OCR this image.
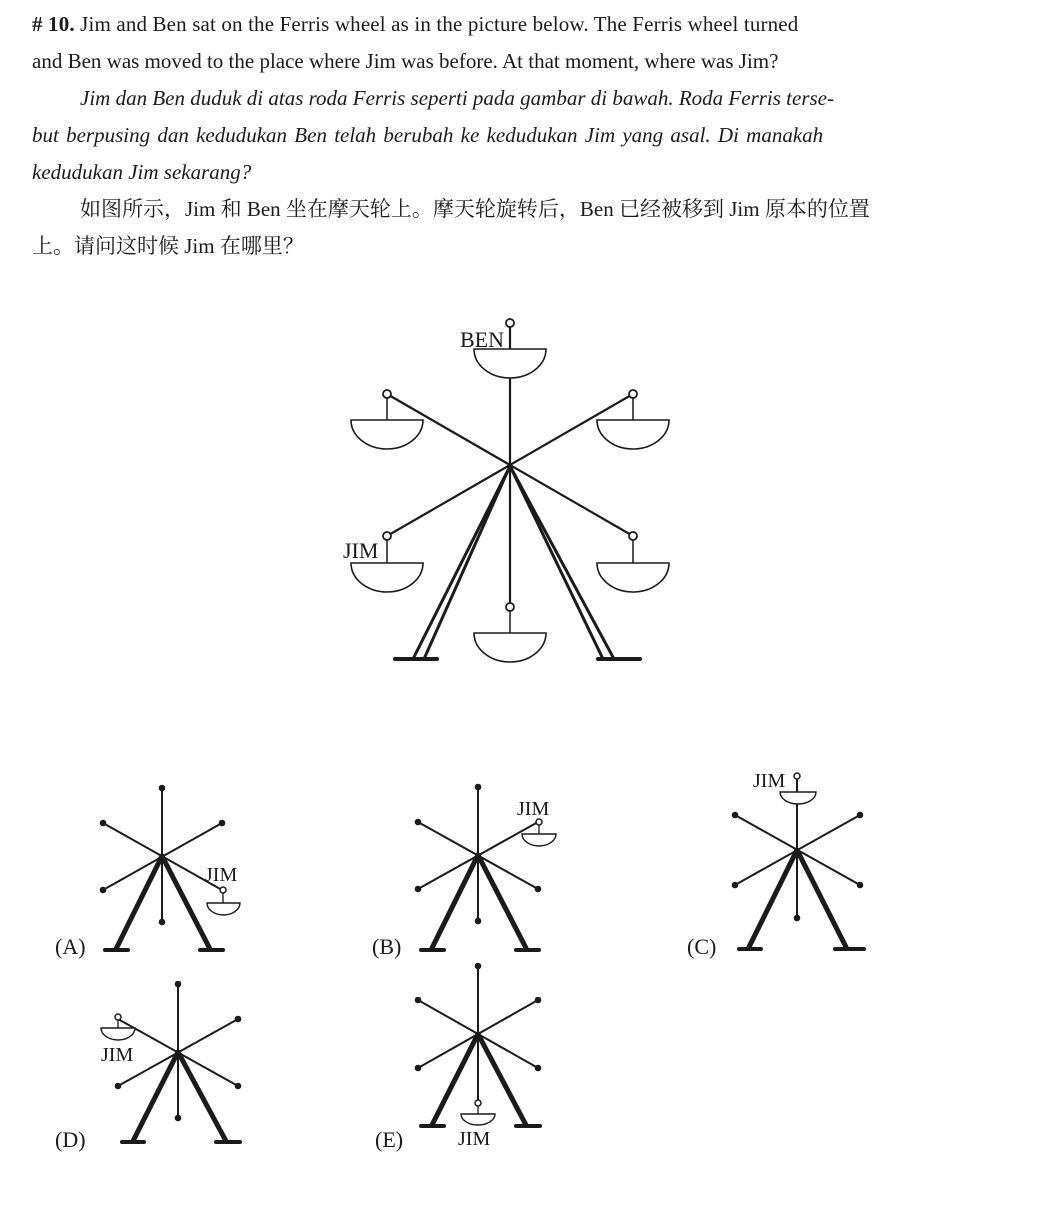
# 10. Jim and Ben sat on the Ferris wheel as in the picture below. The Ferris wheel turned
and Ben was moved to the place where Jim was before. At that moment, where was Jim?
Jim dan Ben duduk di atas roda Ferris seperti pada gambar di bawah. Roda Ferris terse-
but berpusing dan kedudukan Ben telah berubah ke kedudukan Jim yang asal. Di manakah
kedudukan Jim sekarang?
如图所示，Jim 和 Ben 坐在摩天轮上。摩天轮旋转后，Ben 已经被移到 Jim 原本的位置
上。请问这时候 Jim 在哪里？
BEN
JIM
JIM
JIM
JIM
JIM
JIM
(A)	(B)	(C)
(D)	(E)
